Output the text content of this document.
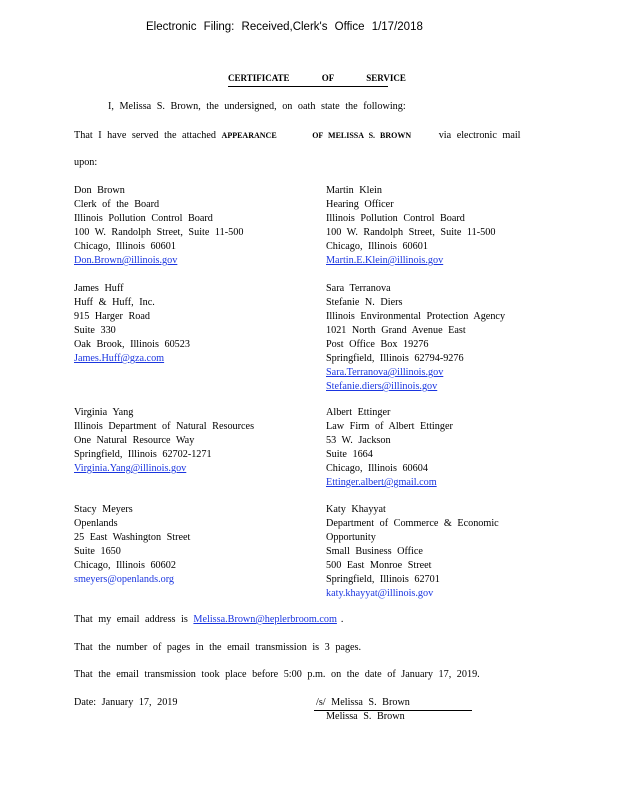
Electronic Filing: Received,Clerk's Office 1/17/2018
CERTIFICATE OF SERVICE
I, Melissa S. Brown, the undersigned, on oath state the following:
That I have served the attached APPEARANCE	OF MELISSA S. BROWN	via electronic mail
upon:
Don Brown
Clerk of the Board
Illinois Pollution Control Board
100 W. Randolph Street, Suite 11-500
Chicago, Illinois 60601
Don.Brown@illinois.gov
Martin Klein
Hearing Officer
Illinois Pollution Control Board
100 W. Randolph Street, Suite 11-500
Chicago, Illinois 60601
Martin.E.Klein@illinois.gov
James Huff
Huff & Huff, Inc.
915 Harger Road
Suite 330
Oak Brook, Illinois 60523
James.Huff@gza.com
Sara Terranova
Stefanie N. Diers
Illinois Environmental Protection Agency
1021 North Grand Avenue East
Post Office Box 19276
Springfield, Illinois 62794-9276
Sara.Terranova@illinois.gov
Stefanie.diers@illinois.gov
Virginia Yang
Illinois Department of Natural Resources
One Natural Resource Way
Springfield, Illinois 62702-1271
Virginia.Yang@illinois.gov
Albert Ettinger
Law Firm of Albert Ettinger
53 W. Jackson
Suite 1664
Chicago, Illinois 60604
Ettinger.albert@gmail.com
Stacy Meyers
Openlands
25 East Washington Street
Suite 1650
Chicago, Illinois 60602
smeyers@openlands.org
Katy Khayyat
Department of Commerce & Economic
Opportunity
Small Business Office
500 East Monroe Street
Springfield, Illinois 62701
katy.khayyat@illinois.gov
That my email address is Melissa.Brown@heplerbroom.com .
That the number of pages in the email transmission is 3 pages.
That the email transmission took place before 5:00 p.m. on the date of January 17, 2019.
Date: January 17, 2019	/s/ Melissa S. Brown
Melissa S. Brown
